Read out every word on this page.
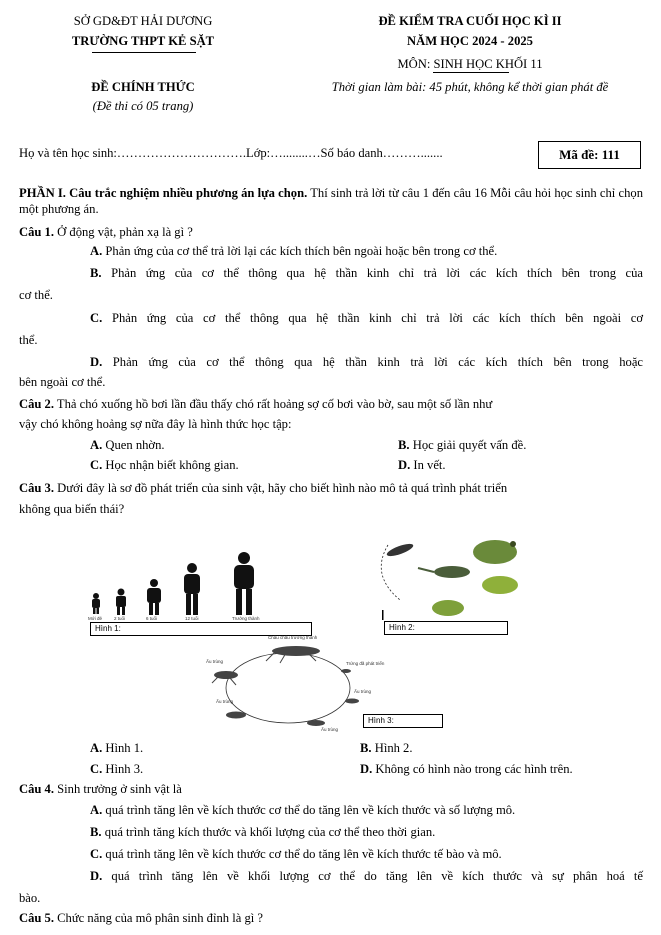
SỞ GD&ĐT HẢI DƯƠNG
TRƯỜNG THPT KẺ SẶT
ĐỀ CHÍNH THỨC
(Đề thi có 05 trang)
ĐỀ KIỂM TRA CUỐI HỌC KÌ II
NĂM HỌC 2024 - 2025
MÔN: SINH HỌC KHỐI 11
Thời gian làm bài: 45 phút, không kể thời gian phát đề
Họ và tên học sinh:………………………….Lớp:…........…Số báo danh……….......	Mã đề: 111
PHẦN I. Câu trắc nghiệm nhiều phương án lựa chọn. Thí sinh trả lời từ câu 1 đến câu 16 Mỗi câu hỏi học sinh chỉ chọn một phương án.
Câu 1. Ở động vật, phản xạ là gì ?
A. Phản ứng của cơ thể trả lời lại các kích thích bên ngoài hoặc bên trong cơ thể.
B. Phản ứng của cơ thể thông qua hệ thần kinh chỉ trả lời các kích thích bên trong của
cơ thể.
C. Phản ứng của cơ thể thông qua hệ thần kinh chỉ trả lời các kích thích bên ngoài cơ
thể.
D. Phản ứng của cơ thể thông qua hệ thần kinh trả lời các kích thích bên trong hoặc
bên ngoài cơ thể.
Câu 2. Thả chó xuống hồ bơi lần đầu thấy chó rất hoảng sợ cố bơi vào bờ, sau một số lần như
vậy chó không hoảng sợ nữa đây là hình thức học tập:
A. Quen nhờn.	B. Học giải quyết vấn đề.
C. Học nhận biết không gian.	D. In vết.
Câu 3. Dưới đây là sơ đồ phát triển của sinh vật, hãy cho biết hình nào mô tả quá trình phát triển
không qua biến thái?
Mới đẻ	2 tuổi	6 tuổi	12 tuổi	Trưởng thành
Hình 1:	Hình 2:
Châu chấu trưởng thành
Trứng đã phát triển
Ấu trùng
Ấu trùng
Ấu trùng
Ấu trùng
Hình 3:
A. Hình 1.	B. Hình 2.
C. Hình 3.	D. Không có hình nào trong các hình trên.
Câu 4. Sinh trưởng ở sinh vật là
A. quá trình tăng lên về kích thước cơ thể do tăng lên về kích thước và số lượng mô.
B. quá trình tăng kích thước và khối lượng của cơ thể theo thời gian.
C. quá trình tăng lên về kích thước cơ thể do tăng lên về kích thước tế bào và mô.
D. quá trình tăng lên về khối lượng cơ thể do tăng lên về kích thước và sự phân hoá tế
bào.
Câu 5. Chức năng của mô phân sinh đỉnh là gì ?
